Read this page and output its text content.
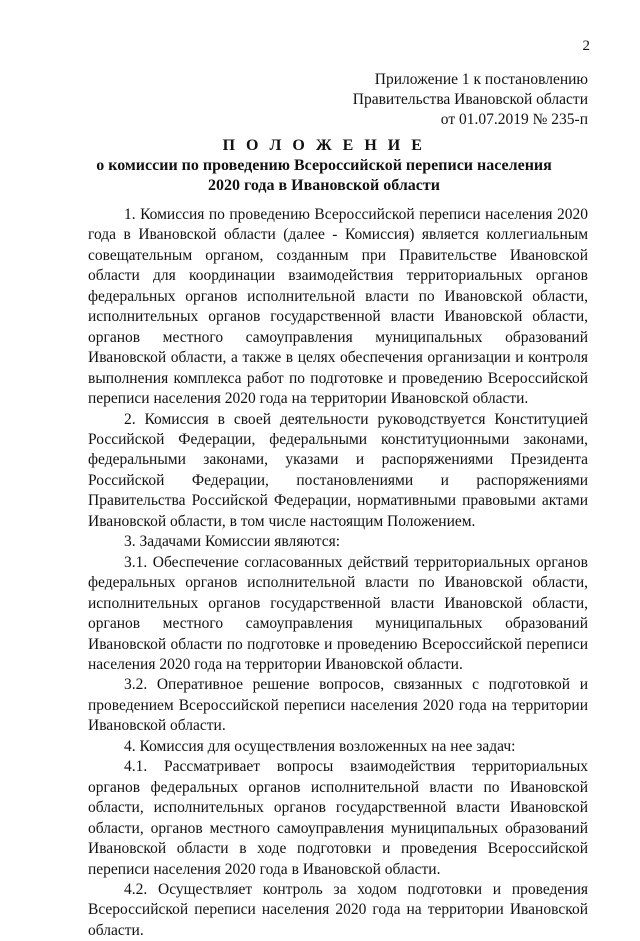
2
Приложение 1 к постановлению
Правительства Ивановской области
от 01.07.2019 № 235-п
П О Л О Ж Е Н И Е
о комиссии по проведению Всероссийской переписи населения
2020 года в Ивановской области

1. Комиссия по проведению Всероссийской переписи населения 2020 года в Ивановской области (далее - Комиссия) является коллегиальным совещательным органом, созданным при Правительстве Ивановской области для координации взаимодействия территориальных органов федеральных органов исполнительной власти по Ивановской области, исполнительных органов государственной власти Ивановской области, органов местного самоуправления муниципальных образований Ивановской области, а также в целях обеспечения организации и контроля выполнения комплекса работ по подготовке и проведению Всероссийской переписи населения 2020 года на территории Ивановской области.

2. Комиссия в своей деятельности руководствуется Конституцией Российской Федерации, федеральными конституционными законами, федеральными законами, указами и распоряжениями Президента Российской Федерации, постановлениями и распоряжениями Правительства Российской Федерации, нормативными правовыми актами Ивановской области, в том числе настоящим Положением.

3. Задачами Комиссии являются:

3.1. Обеспечение согласованных действий территориальных органов федеральных органов исполнительной власти по Ивановской области, исполнительных органов государственной власти Ивановской области, органов местного самоуправления муниципальных образований Ивановской области по подготовке и проведению Всероссийской переписи населения 2020 года на территории Ивановской области.

3.2. Оперативное решение вопросов, связанных с подготовкой и проведением Всероссийской переписи населения 2020 года на территории Ивановской области.

4. Комиссия для осуществления возложенных на нее задач:

4.1. Рассматривает вопросы взаимодействия территориальных органов федеральных органов исполнительной власти по Ивановской области, исполнительных органов государственной власти Ивановской области, органов местного самоуправления муниципальных образований Ивановской области в ходе подготовки и проведения Всероссийской переписи населения 2020 года в Ивановской области.

4.2. Осуществляет контроль за ходом подготовки и проведения Всероссийской переписи населения 2020 года на территории Ивановской области.
